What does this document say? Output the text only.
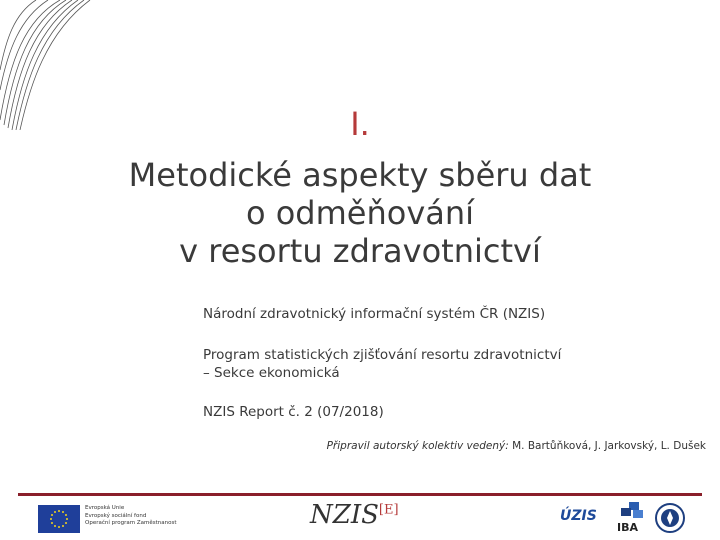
I.
Metodické aspekty sběru dat
o odměňování
v resortu zdravotnictví
Národní zdravotnický informační systém ČR (NZIS)
Program statistických zjišťování resortu zdravotnictví
– Sekce ekonomická
NZIS Report č. 2 (07/2018)
Připravil autorský kolektiv vedený: M. Bartůňková, J. Jarkovský, L. Dušek
Evropská Unie
Evropský sociální fond
Operační program Zaměstnanost	NZIS[E]	ÚZIS
IBA
